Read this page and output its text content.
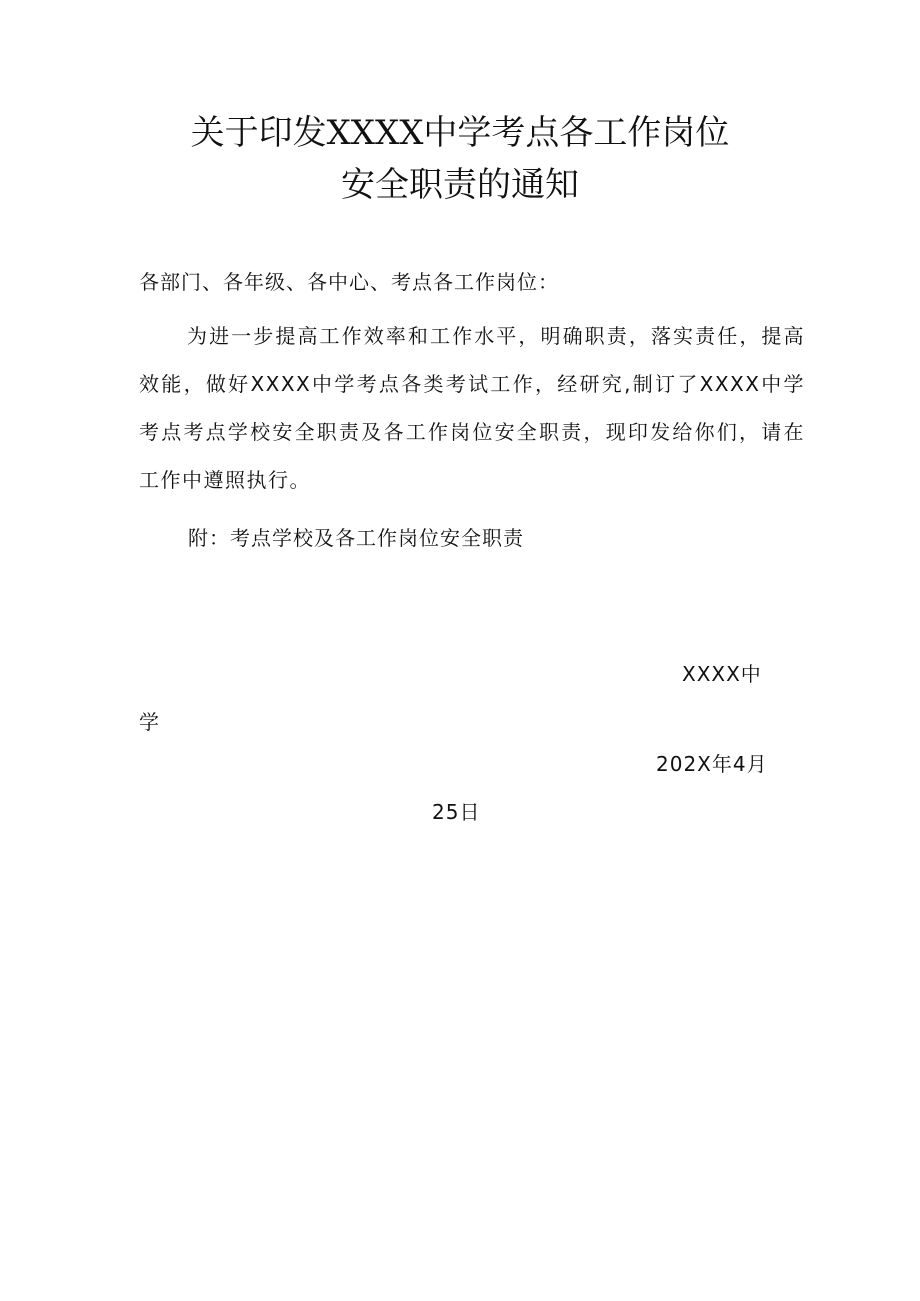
关于印发XXXX中学考点各工作岗位
安全职责的通知
各部门、各年级、各中心、考点各工作岗位：
为进一步提高工作效率和工作水平，明确职责，落实责任，提高效能，做好XXXX中学考点各类考试工作，经研究,制订了XXXX中学考点考点学校安全职责及各工作岗位安全职责，现印发给你们，请在工作中遵照执行。
附：考点学校及各工作岗位安全职责
XXXX中
学
202X年4月
25日
